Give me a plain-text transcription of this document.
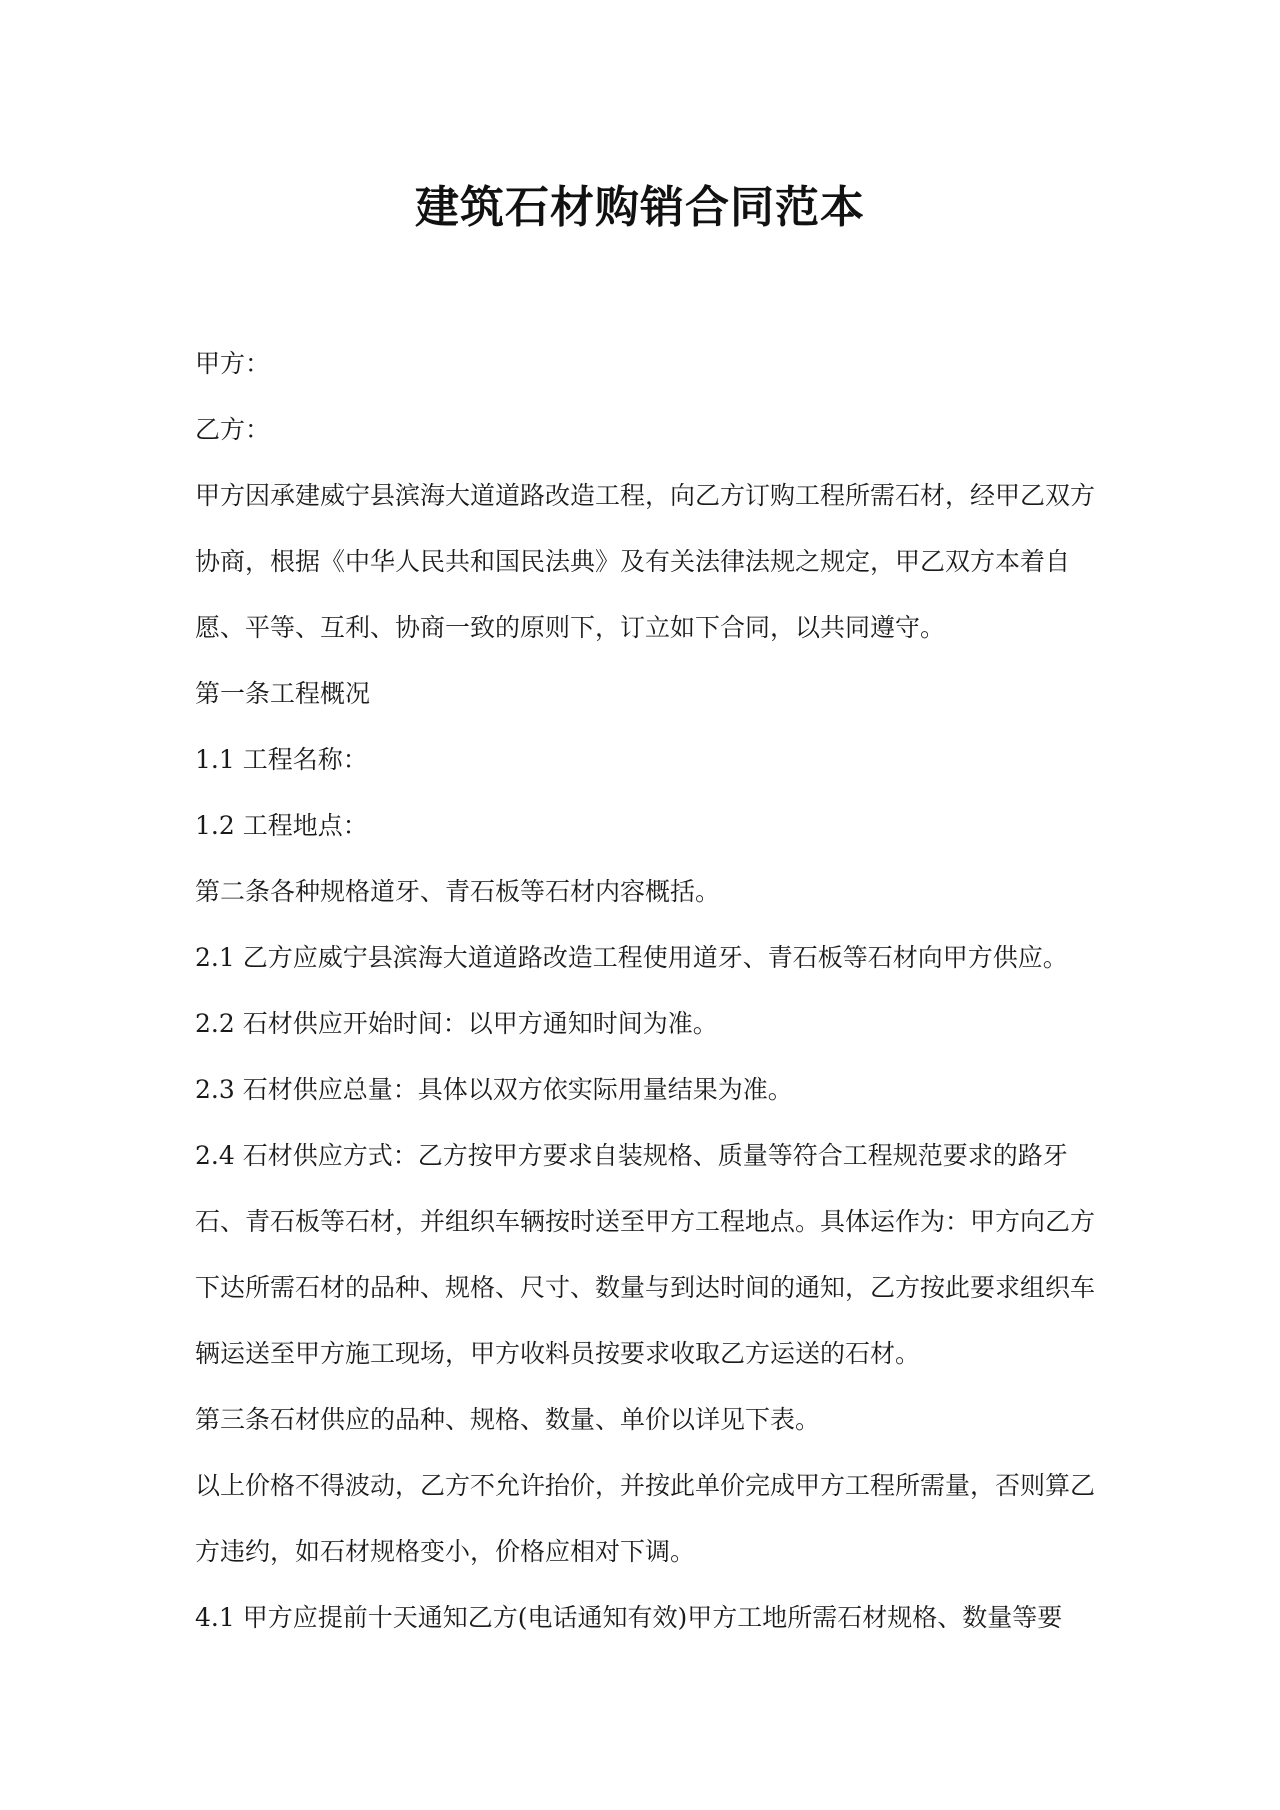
建筑石材购销合同范本

甲方：

乙方：

甲方因承建威宁县滨海大道道路改造工程，向乙方订购工程所需石材，经甲乙双方协商，根据《中华人民共和国民法典》及有关法律法规之规定，甲乙双方本着自愿、平等、互利、协商一致的原则下，订立如下合同，以共同遵守。

第一条工程概况

1.1 工程名称：

1.2 工程地点：

第二条各种规格道牙、青石板等石材内容概括。

2.1 乙方应威宁县滨海大道道路改造工程使用道牙、青石板等石材向甲方供应。

2.2 石材供应开始时间：以甲方通知时间为准。

2.3 石材供应总量：具体以双方依实际用量结果为准。

2.4 石材供应方式：乙方按甲方要求自装规格、质量等符合工程规范要求的路牙石、青石板等石材，并组织车辆按时送至甲方工程地点。具体运作为：甲方向乙方下达所需石材的品种、规格、尺寸、数量与到达时间的通知，乙方按此要求组织车辆运送至甲方施工现场，甲方收料员按要求收取乙方运送的石材。

第三条石材供应的品种、规格、数量、单价以详见下表。

以上价格不得波动，乙方不允许抬价，并按此单价完成甲方工程所需量，否则算乙方违约，如石材规格变小，价格应相对下调。

4.1 甲方应提前十天通知乙方(电话通知有效)甲方工地所需石材规格、数量等要
